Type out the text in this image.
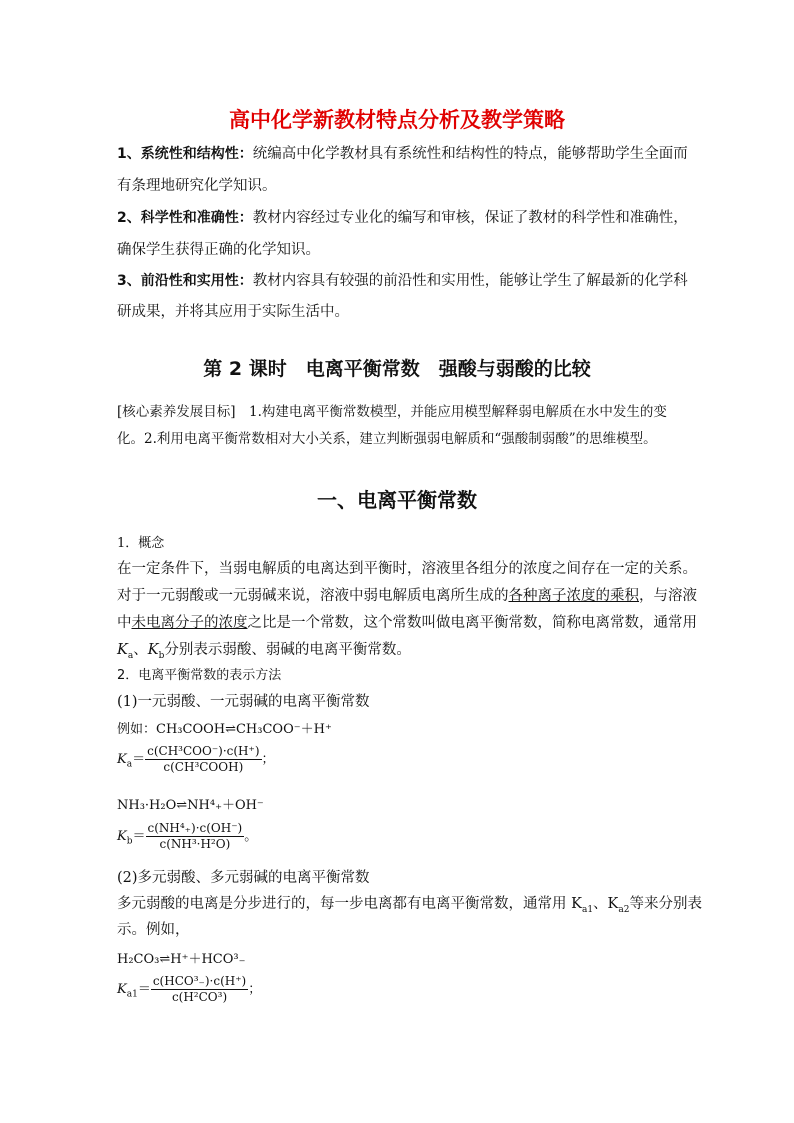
高中化学新教材特点分析及教学策略
1、系统性和结构性：统编高中化学教材具有系统性和结构性的特点，能够帮助学生全面而
有条理地研究化学知识。
2、科学性和准确性：教材内容经过专业化的编写和审核，保证了教材的科学性和准确性，
确保学生获得正确的化学知识。
3、前沿性和实用性：教材内容具有较强的前沿性和实用性，能够让学生了解最新的化学科
研成果，并将其应用于实际生活中。
第 2 课时　电离平衡常数　强酸与弱酸的比较
[核心素养发展目标]　1.构建电离平衡常数模型，并能应用模型解释弱电解质在水中发生的变
化。2.利用电离平衡常数相对大小关系，建立判断强弱电解质和“强酸制弱酸”的思维模型。
一、电离平衡常数
1．概念
在一定条件下，当弱电解质的电离达到平衡时，溶液里各组分的浓度之间存在一定的关系。
对于一元弱酸或一元弱碱来说，溶液中弱电解质电离所生成的各种离子浓度的乘积，与溶液
中未电离分子的浓度之比是一个常数，这个常数叫做电离平衡常数，简称电离常数，通常用
$K_a$、$K_b$分别表示弱酸、弱碱的电离平衡常数。
2．电离平衡常数的表示方法
(1)一元弱酸、一元弱碱的电离平衡常数
例如：CH₃COOH⇌CH₃COO⁻＋H⁺
$K_a= \frac{\text{c(CH³COO⁻)·c(H⁺)}}{\text{c(CH³COOH)}}$ ；
NH₃·H₂O⇌NH⁴₊＋OH⁻
$K_b= \frac{\text{c(NH⁴₊)·c(OH⁻)}}{\text{c(NH³·H²O)}}$ 。
(2)多元弱酸、多元弱碱的电离平衡常数
多元弱酸的电离是分步进行的，每一步电离都有电离平衡常数，通常用 $K_{a1}$、$K_{a2}$等来分别表
示。例如，
H₂CO₃⇌H⁺＋HCO³₋
$K_{a1}= \frac{\text{c(HCO³₋)·c(H⁺)}}{\text{c(H²CO³)}}$ ；
